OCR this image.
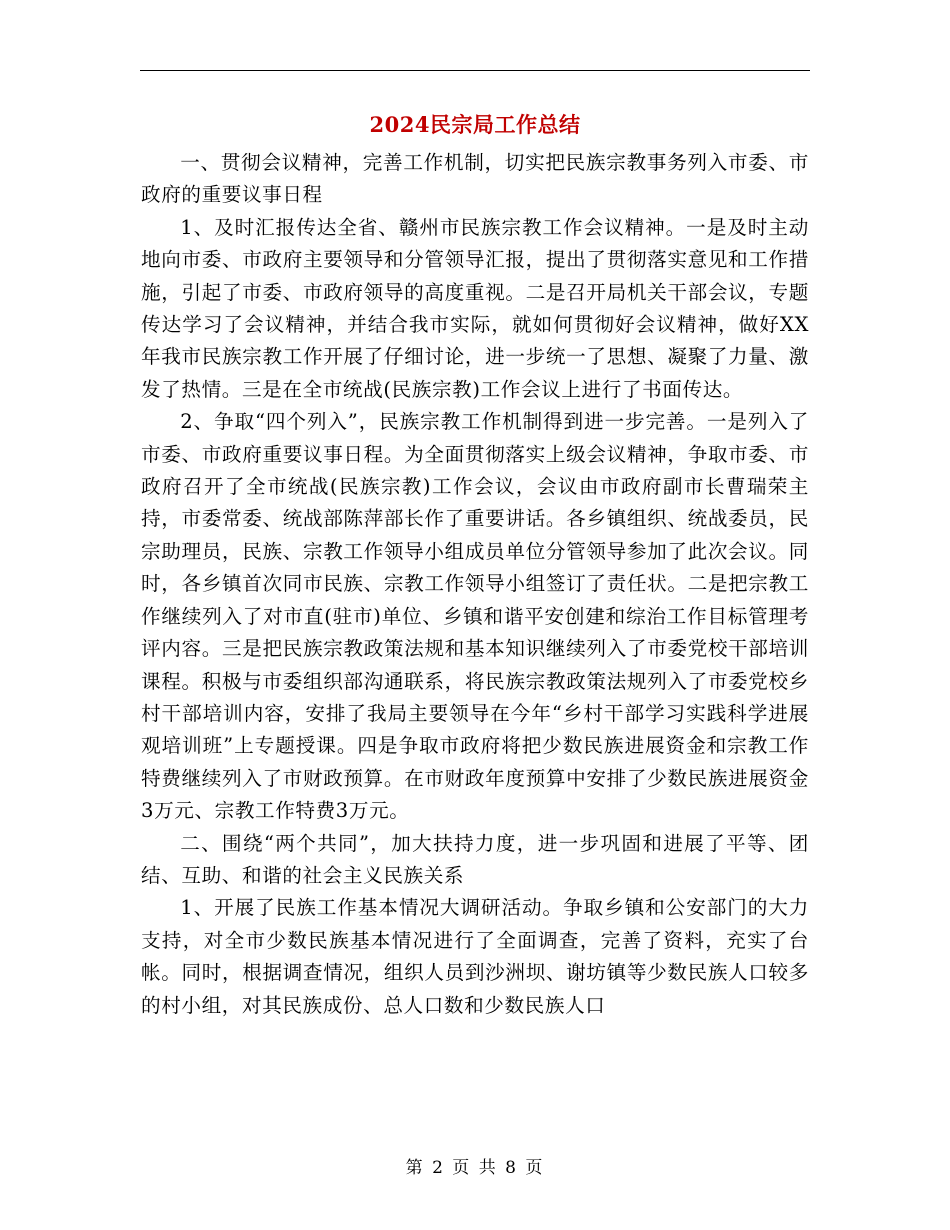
2024民宗局工作总结

一、贯彻会议精神，完善工作机制，切实把民族宗教事务列入市委、市政府的重要议事日程

1、及时汇报传达全省、赣州市民族宗教工作会议精神。一是及时主动地向市委、市政府主要领导和分管领导汇报，提出了贯彻落实意见和工作措施，引起了市委、市政府领导的高度重视。二是召开局机关干部会议，专题传达学习了会议精神，并结合我市实际，就如何贯彻好会议精神，做好XX年我市民族宗教工作开展了仔细讨论，进一步统一了思想、凝聚了力量、激发了热情。三是在全市统战(民族宗教)工作会议上进行了书面传达。

2、争取“四个列入”，民族宗教工作机制得到进一步完善。一是列入了市委、市政府重要议事日程。为全面贯彻落实上级会议精神，争取市委、市政府召开了全市统战(民族宗教)工作会议，会议由市政府副市长曹瑞荣主持，市委常委、统战部陈萍部长作了重要讲话。各乡镇组织、统战委员，民宗助理员，民族、宗教工作领导小组成员单位分管领导参加了此次会议。同时，各乡镇首次同市民族、宗教工作领导小组签订了责任状。二是把宗教工作继续列入了对市直(驻市)单位、乡镇和谐平安创建和综治工作目标管理考评内容。三是把民族宗教政策法规和基本知识继续列入了市委党校干部培训课程。积极与市委组织部沟通联系，将民族宗教政策法规列入了市委党校乡村干部培训内容，安排了我局主要领导在今年“乡村干部学习实践科学进展观培训班”上专题授课。四是争取市政府将把少数民族进展资金和宗教工作特费继续列入了市财政预算。在市财政年度预算中安排了少数民族进展资金3万元、宗教工作特费3万元。

二、围绕“两个共同”，加大扶持力度，进一步巩固和进展了平等、团结、互助、和谐的社会主义民族关系

1、开展了民族工作基本情况大调研活动。争取乡镇和公安部门的大力支持，对全市少数民族基本情况进行了全面调查，完善了资料，充实了台帐。同时，根据调查情况，组织人员到沙洲坝、谢坊镇等少数民族人口较多的村小组，对其民族成份、总人口数和少数民族人口

第 2 页 共 8 页
